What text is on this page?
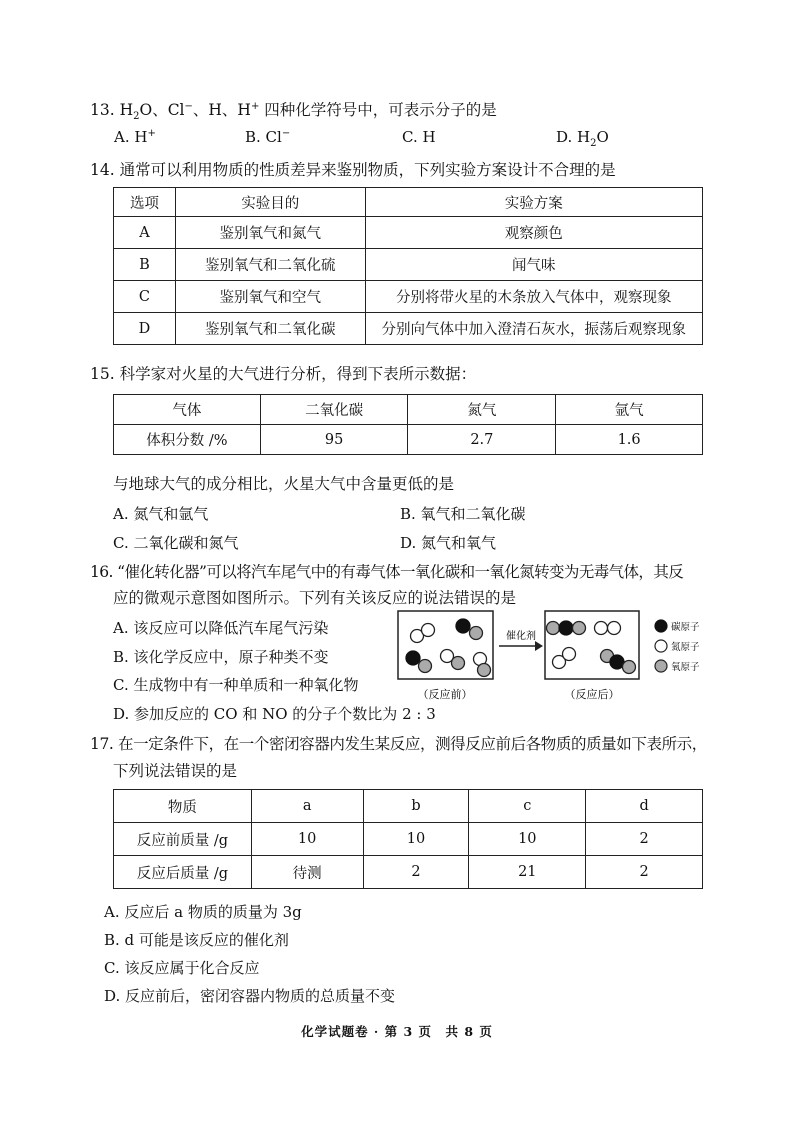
13. $H_2O$、Cl−、H、H+ 四种化学符号中，可表示分子的是
A. H+	B. Cl−	C. H	D. $H_2O$
14. 通常可以利用物质的性质差异来鉴别物质，下列实验方案设计不合理的是
选项	实验目的	实验方案
A	鉴别氧气和氮气	观察颜色
B	鉴别氧气和二氧化硫	闻气味
C	鉴别氧气和空气	分别将带火星的木条放入气体中，观察现象
D	鉴别氧气和二氧化碳	分别向气体中加入澄清石灰水，振荡后观察现象
15. 科学家对火星的大气进行分析，得到下表所示数据：
气体	二氧化碳	氮气	氩气
体积分数 /%	95	2.7	1.6
与地球大气的成分相比，火星大气中含量更低的是
A. 氮气和氩气	B. 氧气和二氧化碳
C. 二氧化碳和氮气	D. 氮气和氧气
16. “催化转化器”可以将汽车尾气中的有毒气体一氧化碳和一氧化氮转变为无毒气体，其反
应的微观示意图如图所示。下列有关该反应的说法错误的是
A. 该反应可以降低汽车尾气污染
B. 该化学反应中，原子种类不变
C. 生成物中有一种单质和一种氧化物
D. 参加反应的 CO 和 NO 的分子个数比为 2 : 3
催化剂
（反应前）	（反应后）
碳原子
氮原子
氧原子
17. 在一定条件下，在一个密闭容器内发生某反应，测得反应前后各物质的质量如下表所示，
下列说法错误的是
物质	a	b	c	d
反应前质量 /g	10	10	10	2
反应后质量 /g	待测	2	21	2
A. 反应后 a 物质的质量为 3g
B. d 可能是该反应的催化剂
C. 该反应属于化合反应
D. 反应前后，密闭容器内物质的总质量不变
化学试题卷 · 第 3 页　共 8 页
